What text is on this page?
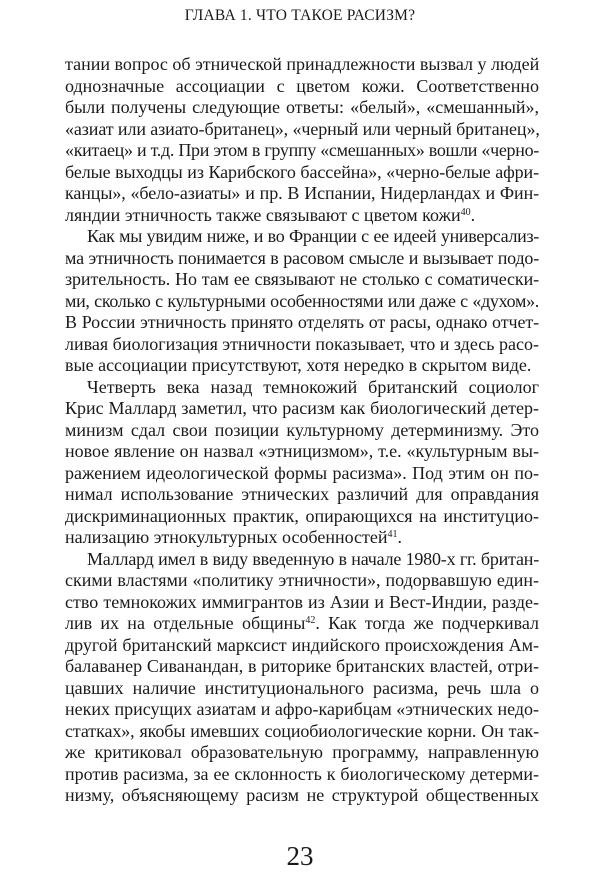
ГЛАВА 1. ЧТО ТАКОЕ РАСИЗМ?
тании вопрос об этнической принадлежности вызвал у людей
однозначные ассоциации с цветом кожи. Соответственно
были получены следующие ответы: «белый», «смешанный»,
«азиат или азиато-британец», «черный или черный британец»,
«китаец» и т.д. При этом в группу «смешанных» вошли «черно-
белые выходцы из Карибского бассейна», «черно-белые афри-
канцы», «бело-азиаты» и пр. В Испании, Нидерландах и Фин-
ляндии этничность также связывают с цветом кожи$^{40}$.
Как мы увидим ниже, и во Франции с ее идеей универсализ-
ма этничность понимается в расовом смысле и вызывает подо-
зрительность. Но там ее связывают не столько с соматически-
ми, сколько с культурными особенностями или даже с «духом».
В России этничность принято отделять от расы, однако отчет-
ливая биологизация этничности показывает, что и здесь расо-
вые ассоциации присутствуют, хотя нередко в скрытом виде.
Четверть века назад темнокожий британский социолог
Крис Маллард заметил, что расизм как биологический детер-
минизм сдал свои позиции культурному детерминизму. Это
новое явление он назвал «этницизмом», т.е. «культурным вы-
ражением идеологической формы расизма». Под этим он по-
нимал использование этнических различий для оправдания
дискриминационных практик, опирающихся на институцио-
нализацию этнокультурных особенностей$^{41}$.
Маллард имел в виду введенную в начале 1980-х гг. британ-
скими властями «политику этничности», подорвавшую един-
ство темнокожих иммигрантов из Азии и Вест-Индии, разде-
лив их на отдельные общины$^{42}$. Как тогда же подчеркивал
другой британский марксист индийского происхождения Ам-
балаванер Сиванандан, в риторике британских властей, отри-
цавших наличие институционального расизма, речь шла о
неких присущих азиатам и афро-карибцам «этнических недо-
статках», якобы имевших социобиологические корни. Он так-
же критиковал образовательную программу, направленную
против расизма, за ее склонность к биологическому детерми-
низму, объясняющему расизм не структурой общественных
23
